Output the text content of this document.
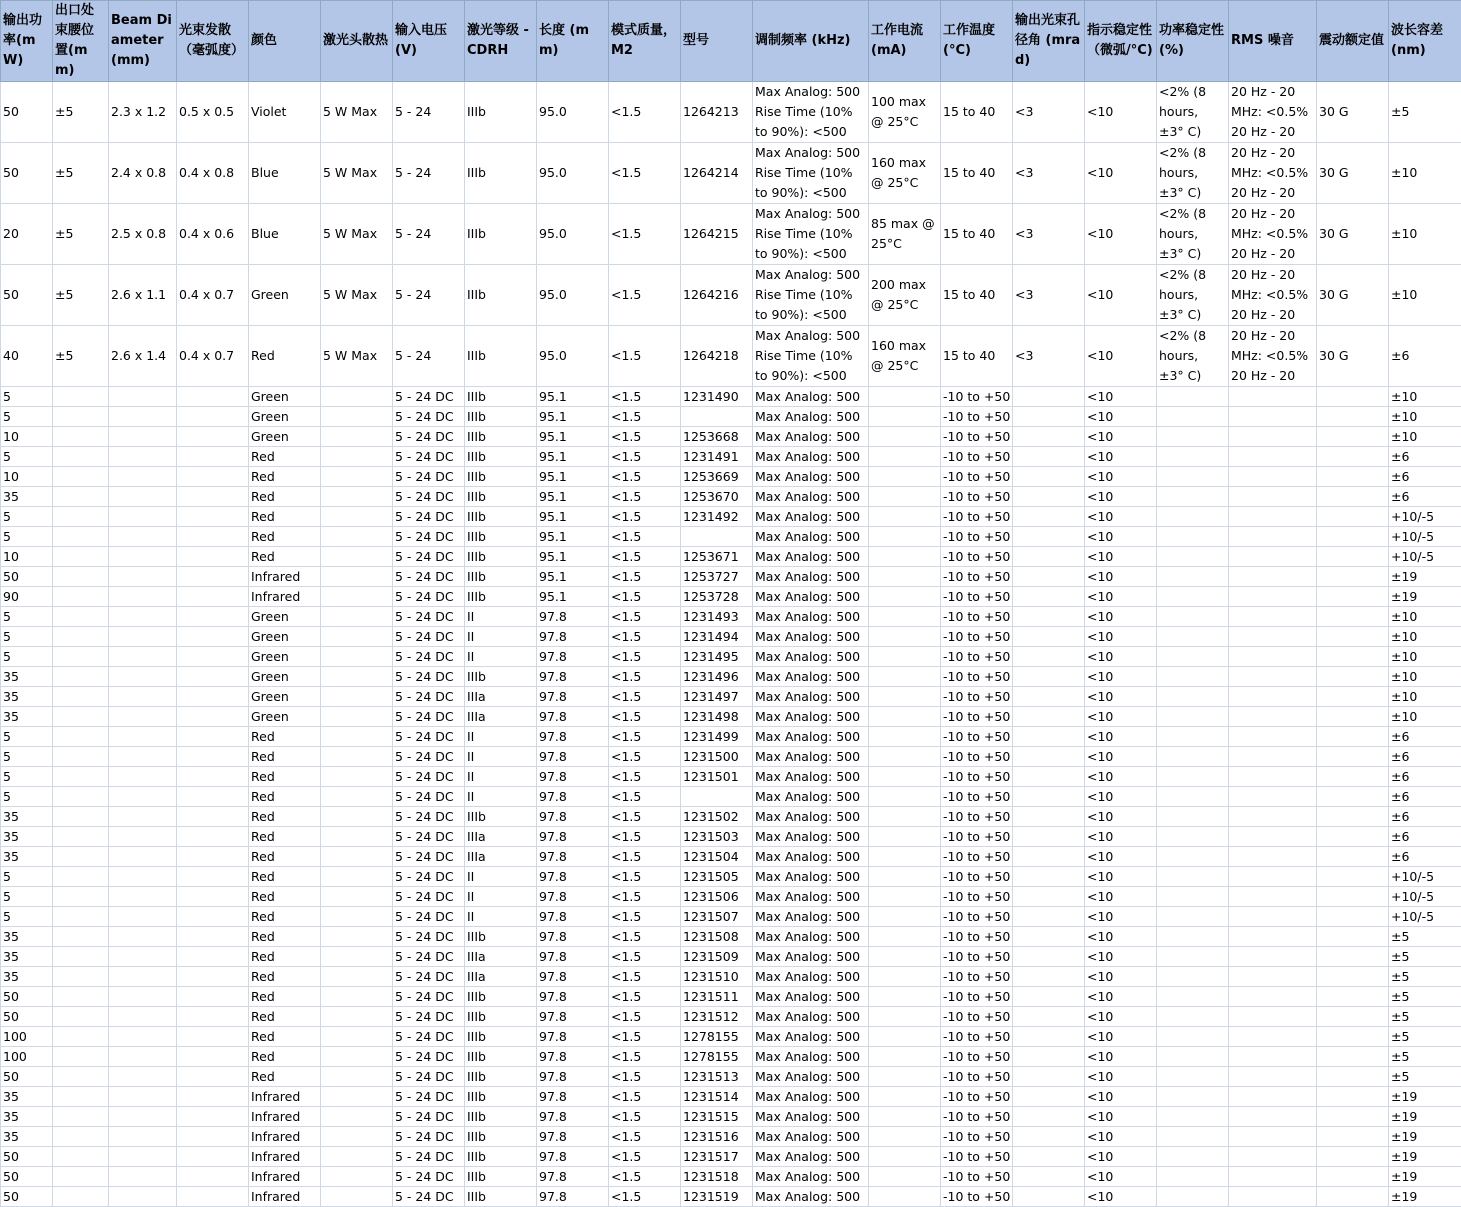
输出功率(mW)	出口处束腰位置(mm)	Beam Diameter (mm)	光束发散（毫弧度）	颜色	激光头散热	输入电压(V)	激光等级 - CDRH	长度 (mm)	模式质量，M2	型号	调制频率 (kHz)	工作电流 (mA)	工作温度 (°C)	输出光束孔径角 (mrad)	指示稳定性 （微弧/°C)	功率稳定性 (%)	RMS 噪音	震动额定值	波长容差 (nm)

50	±5	2.3 x 1.2	0.5 x 0.5	Violet	5 W Max	5 - 24	IIIb	95.0	<1.5	1264213	Max Analog: 500 Rise Time (10% to 90%): <500	100 max @ 25°C	15 to 40	<3	<10	<2% (8 hours, ±3° C)	20 Hz - 20 MHz: <0.5% 20 Hz - 20	30 G	±5

50	±5	2.4 x 0.8	0.4 x 0.8	Blue	5 W Max	5 - 24	IIIb	95.0	<1.5	1264214	Max Analog: 500 Rise Time (10% to 90%): <500	160 max @ 25°C	15 to 40	<3	<10	<2% (8 hours, ±3° C)	20 Hz - 20 MHz: <0.5% 20 Hz - 20	30 G	±10

20	±5	2.5 x 0.8	0.4 x 0.6	Blue	5 W Max	5 - 24	IIIb	95.0	<1.5	1264215	Max Analog: 500 Rise Time (10% to 90%): <500	85 max @ 25°C	15 to 40	<3	<10	<2% (8 hours, ±3° C)	20 Hz - 20 MHz: <0.5% 20 Hz - 20	30 G	±10

50	±5	2.6 x 1.1	0.4 x 0.7	Green	5 W Max	5 - 24	IIIb	95.0	<1.5	1264216	Max Analog: 500 Rise Time (10% to 90%): <500	200 max @ 25°C	15 to 40	<3	<10	<2% (8 hours, ±3° C)	20 Hz - 20 MHz: <0.5% 20 Hz - 20	30 G	±10

40	±5	2.6 x 1.4	0.4 x 0.7	Red	5 W Max	5 - 24	IIIb	95.0	<1.5	1264218	Max Analog: 500 Rise Time (10% to 90%): <500	160 max @ 25°C	15 to 40	<3	<10	<2% (8 hours, ±3° C)	20 Hz - 20 MHz: <0.5% 20 Hz - 20	30 G	±6

5				Green		5 - 24 DC	IIIb	95.1	<1.5	1231490	Max Analog: 500		-10 to +50		<10				±10
5				Green		5 - 24 DC	IIIb	95.1	<1.5		Max Analog: 500		-10 to +50		<10				±10
10				Green		5 - 24 DC	IIIb	95.1	<1.5	1253668	Max Analog: 500		-10 to +50		<10				±10
5				Red		5 - 24 DC	IIIb	95.1	<1.5	1231491	Max Analog: 500		-10 to +50		<10				±6
10				Red		5 - 24 DC	IIIb	95.1	<1.5	1253669	Max Analog: 500		-10 to +50		<10				±6
35				Red		5 - 24 DC	IIIb	95.1	<1.5	1253670	Max Analog: 500		-10 to +50		<10				±6
5				Red		5 - 24 DC	IIIb	95.1	<1.5	1231492	Max Analog: 500		-10 to +50		<10				+10/-5
5				Red		5 - 24 DC	IIIb	95.1	<1.5		Max Analog: 500		-10 to +50		<10				+10/-5
10				Red		5 - 24 DC	IIIb	95.1	<1.5	1253671	Max Analog: 500		-10 to +50		<10				+10/-5
50				Infrared		5 - 24 DC	IIIb	95.1	<1.5	1253727	Max Analog: 500		-10 to +50		<10				±19
90				Infrared		5 - 24 DC	IIIb	95.1	<1.5	1253728	Max Analog: 500		-10 to +50		<10				±19
5				Green		5 - 24 DC	II	97.8	<1.5	1231493	Max Analog: 500		-10 to +50		<10				±10
5				Green		5 - 24 DC	II	97.8	<1.5	1231494	Max Analog: 500		-10 to +50		<10				±10
5				Green		5 - 24 DC	II	97.8	<1.5	1231495	Max Analog: 500		-10 to +50		<10				±10
35				Green		5 - 24 DC	IIIb	97.8	<1.5	1231496	Max Analog: 500		-10 to +50		<10				±10
35				Green		5 - 24 DC	IIIa	97.8	<1.5	1231497	Max Analog: 500		-10 to +50		<10				±10
35				Green		5 - 24 DC	IIIa	97.8	<1.5	1231498	Max Analog: 500		-10 to +50		<10				±10
5				Red		5 - 24 DC	II	97.8	<1.5	1231499	Max Analog: 500		-10 to +50		<10				±6
5				Red		5 - 24 DC	II	97.8	<1.5	1231500	Max Analog: 500		-10 to +50		<10				±6
5				Red		5 - 24 DC	II	97.8	<1.5	1231501	Max Analog: 500		-10 to +50		<10				±6
5				Red		5 - 24 DC	II	97.8	<1.5		Max Analog: 500		-10 to +50		<10				±6
35				Red		5 - 24 DC	IIIb	97.8	<1.5	1231502	Max Analog: 500		-10 to +50		<10				±6
35				Red		5 - 24 DC	IIIa	97.8	<1.5	1231503	Max Analog: 500		-10 to +50		<10				±6
35				Red		5 - 24 DC	IIIa	97.8	<1.5	1231504	Max Analog: 500		-10 to +50		<10				±6
5				Red		5 - 24 DC	II	97.8	<1.5	1231505	Max Analog: 500		-10 to +50		<10				+10/-5
5				Red		5 - 24 DC	II	97.8	<1.5	1231506	Max Analog: 500		-10 to +50		<10				+10/-5
5				Red		5 - 24 DC	II	97.8	<1.5	1231507	Max Analog: 500		-10 to +50		<10				+10/-5
35				Red		5 - 24 DC	IIIb	97.8	<1.5	1231508	Max Analog: 500		-10 to +50		<10				±5
35				Red		5 - 24 DC	IIIa	97.8	<1.5	1231509	Max Analog: 500		-10 to +50		<10				±5
35				Red		5 - 24 DC	IIIa	97.8	<1.5	1231510	Max Analog: 500		-10 to +50		<10				±5
50				Red		5 - 24 DC	IIIb	97.8	<1.5	1231511	Max Analog: 500		-10 to +50		<10				±5
50				Red		5 - 24 DC	IIIb	97.8	<1.5	1231512	Max Analog: 500		-10 to +50		<10				±5
100				Red		5 - 24 DC	IIIb	97.8	<1.5	1278155	Max Analog: 500		-10 to +50		<10				±5
100				Red		5 - 24 DC	IIIb	97.8	<1.5	1278155	Max Analog: 500		-10 to +50		<10				±5
50				Red		5 - 24 DC	IIIb	97.8	<1.5	1231513	Max Analog: 500		-10 to +50		<10				±5
35				Infrared		5 - 24 DC	IIIb	97.8	<1.5	1231514	Max Analog: 500		-10 to +50		<10				±19
35				Infrared		5 - 24 DC	IIIb	97.8	<1.5	1231515	Max Analog: 500		-10 to +50		<10				±19
35				Infrared		5 - 24 DC	IIIb	97.8	<1.5	1231516	Max Analog: 500		-10 to +50		<10				±19
50				Infrared		5 - 24 DC	IIIb	97.8	<1.5	1231517	Max Analog: 500		-10 to +50		<10				±19
50				Infrared		5 - 24 DC	IIIb	97.8	<1.5	1231518	Max Analog: 500		-10 to +50		<10				±19
50				Infrared		5 - 24 DC	IIIb	97.8	<1.5	1231519	Max Analog: 500		-10 to +50		<10				±19
